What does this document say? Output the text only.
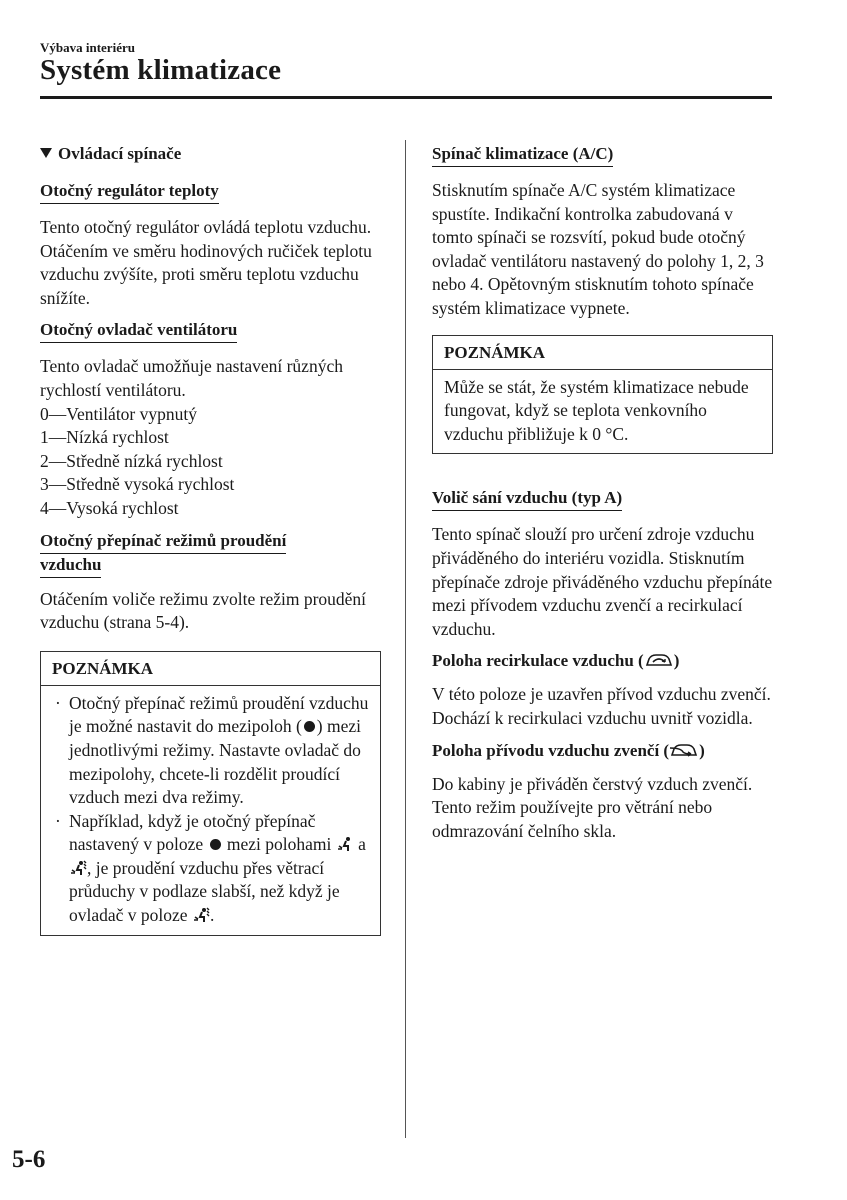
Výbava interiéru
Systém klimatizace
Ovládací spínače
Otočný regulátor teploty

Tento otočný regulátor ovládá teplotu vzduchu. Otáčením ve směru hodinových ručiček teplotu vzduchu zvýšíte, proti směru teplotu vzduchu snížíte.

Otočný ovladač ventilátoru

Tento ovladač umožňuje nastavení různých rychlostí ventilátoru.

0—Ventilátor vypnutý
1—Nízká rychlost
2—Středně nízká rychlost
3—Středně vysoká rychlost
4—Vysoká rychlost
Otočný přepínač režimů proudění
vzduchu

Otáčením voliče režimu zvolte režim proudění vzduchu (strana 5-4).

POZNÁMKA
· Otočný přepínač režimů proudění vzduchu je možné nastavit do mezipoloh ( ) mezi jednotlivými režimy. Nastavte ovladač do mezipolohy, chcete-li rozdělit proudící vzduch mezi dva režimy.
· Například, když je otočný přepínač nastavený v poloze mezi polohami a, je proudění vzduchu přes větrací průduchy v podlaze slabší, než když je ovladač v poloze .
Spínač klimatizace (A/C)

Stisknutím spínače A/C systém klimatizace spustíte. Indikační kontrolka zabudovaná v tomto spínači se rozsvítí, pokud bude otočný ovladač ventilátoru nastavený do polohy 1, 2, 3 nebo 4. Opětovným stisknutím tohoto spínače systém klimatizace vypnete.

POZNÁMKA
Může se stát, že systém klimatizace nebude fungovat, když se teplota venkovního vzduchu přibližuje k 0 °C.
Volič sání vzduchu (typ A)

Tento spínač slouží pro určení zdroje vzduchu přiváděného do interiéru vozidla. Stisknutím přepínače zdroje přiváděného vzduchu přepínáte mezi přívodem vzduchu zvenčí a recirkulací vzduchu.

Poloha recirkulace vzduchu ( )

V této poloze je uzavřen přívod vzduchu zvenčí. Dochází k recirkulaci vzduchu uvnitř vozidla.

Poloha přívodu vzduchu zvenčí ( )

Do kabiny je přiváděn čerstvý vzduch zvenčí. Tento režim používejte pro větrání nebo odmrazování čelního skla.

5-6
